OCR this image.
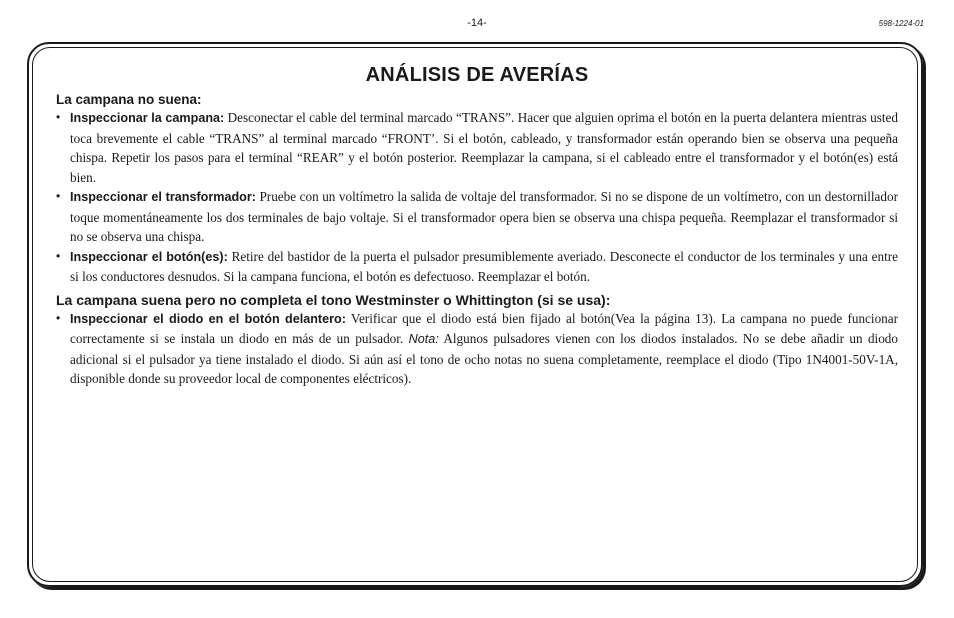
-14-	598-1224-01
ANÁLISIS DE AVERÍAS
La campana no suena:
• Inspeccionar la campana: Desconectar el cable del terminal marcado “TRANS”. Hacer que alguien oprima el botón en la puerta delantera mientras usted toca brevemente el cable “TRANS” al terminal marcado “FRONT’. Si el botón, cableado, y transformador están operando bien se observa una pequeña chispa. Repetir los pasos para el terminal “REAR” y el botón posterior. Reemplazar la campana, si el cableado entre el transformador y el botón(es) está bien.
• Inspeccionar el transformador: Pruebe con un voltímetro la salida de voltaje del transformador. Si no se dispone de un voltímetro, con un destornillador toque momentáneamente los dos terminales de bajo voltaje. Si el transformador opera bien se observa una chispa pequeña. Reemplazar el transformador si no se observa una chispa.
• Inspeccionar el botón(es): Retire del bastidor de la puerta el pulsador presumiblemente averiado. Desconecte el conductor de los terminales y una entre si los conductores desnudos. Si la campana funciona, el botón es defectuoso. Reemplazar el botón.
La campana suena pero no completa el tono Westminster o Whittington (si se usa):
• Inspeccionar el diodo en el botón delantero: Verificar que el diodo está bien fijado al botón(Vea la página 13). La campana no puede funcionar correctamente si se instala un diodo en más de un pulsador. Nota: Algunos pulsadores vienen con los diodos instalados. No se debe añadir un diodo adicional si el pulsador ya tiene instalado el diodo. Si aún así el tono de ocho notas no suena completamente, reemplace el diodo (Tipo 1N4001-50V-1A, disponible donde su proveedor local de componentes eléctricos).
